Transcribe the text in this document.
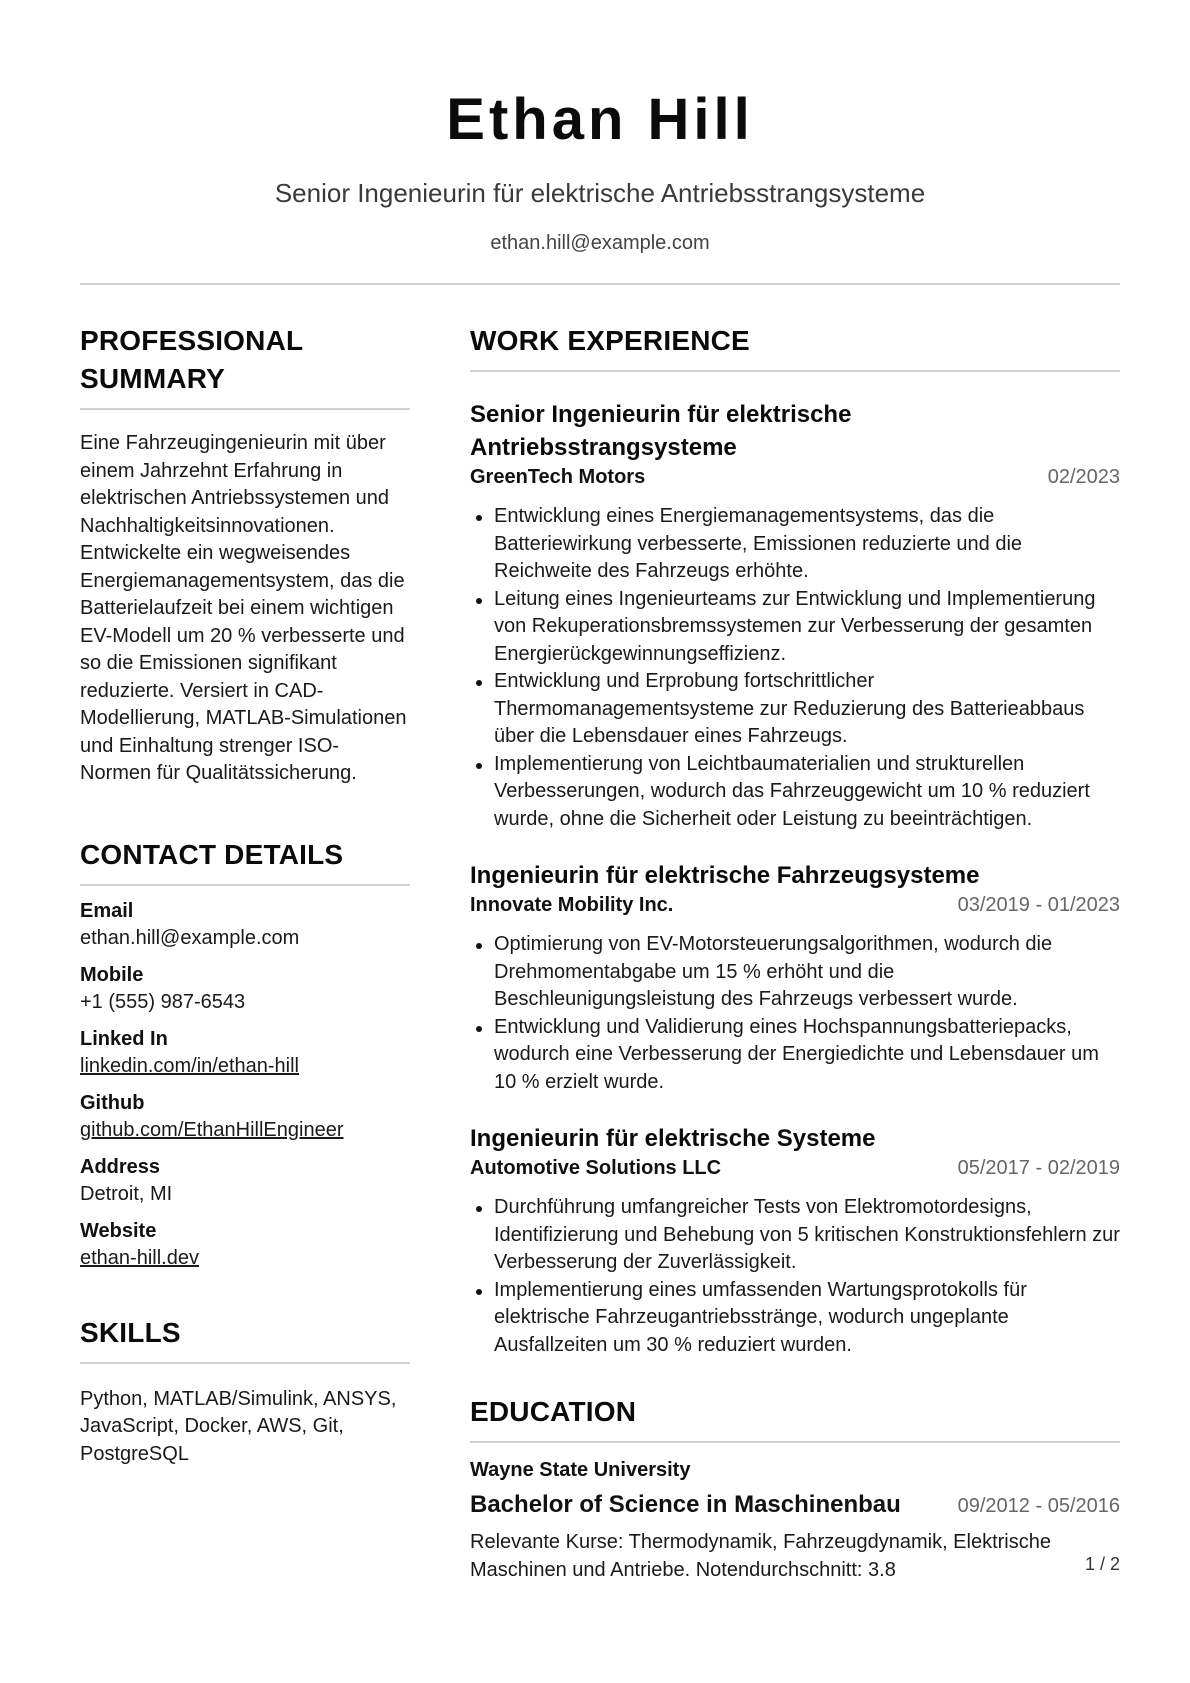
Ethan Hill
Senior Ingenieurin für elektrische Antriebsstrangsysteme
ethan.hill@example.com
PROFESSIONAL
SUMMARY
Eine Fahrzeugingenieurin mit über einem Jahrzehnt Erfahrung in elektrischen Antriebssystemen und Nachhaltigkeitsinnovationen. Entwickelte ein wegweisendes Energiemanagementsystem, das die Batterielaufzeit bei einem wichtigen EV-Modell um 20 % verbesserte und so die Emissionen signifikant reduzierte. Versiert in CAD-Modellierung, MATLAB-Simulationen und Einhaltung strenger ISO-Normen für Qualitätssicherung.
CONTACT DETAILS
Email
ethan.hill@example.com
Mobile
+1 (555) 987-6543
Linked In
linkedin.com/in/ethan-hill
Github
github.com/EthanHillEngineer
Address
Detroit, MI
Website
ethan-hill.dev
SKILLS
Python, MATLAB/Simulink, ANSYS, JavaScript, Docker, AWS, Git, PostgreSQL
WORK EXPERIENCE
Senior Ingenieurin für elektrische Antriebsstrangsysteme
GreenTech Motors	02/2023
Entwicklung eines Energiemanagementsystems, das die Batteriewirkung verbesserte, Emissionen reduzierte und die Reichweite des Fahrzeugs erhöhte.
Leitung eines Ingenieurteams zur Entwicklung und Implementierung von Rekuperationsbremssystemen zur Verbesserung der gesamten Energierückgewinnungseffizienz.
Entwicklung und Erprobung fortschrittlicher Thermomanagementsysteme zur Reduzierung des Batterieabbaus über die Lebensdauer eines Fahrzeugs.
Implementierung von Leichtbaumaterialien und strukturellen Verbesserungen, wodurch das Fahrzeuggewicht um 10 % reduziert wurde, ohne die Sicherheit oder Leistung zu beeinträchtigen.
Ingenieurin für elektrische Fahrzeugsysteme
Innovate Mobility Inc.	03/2019 - 01/2023
Optimierung von EV-Motorsteuerungsalgorithmen, wodurch die Drehmomentabgabe um 15 % erhöht und die Beschleunigungsleistung des Fahrzeugs verbessert wurde.
Entwicklung und Validierung eines Hochspannungsbatteriepacks, wodurch eine Verbesserung der Energiedichte und Lebensdauer um 10 % erzielt wurde.
Ingenieurin für elektrische Systeme
Automotive Solutions LLC	05/2017 - 02/2019
Durchführung umfangreicher Tests von Elektromotordesigns, Identifizierung und Behebung von 5 kritischen Konstruktionsfehlern zur Verbesserung der Zuverlässigkeit.
Implementierung eines umfassenden Wartungsprotokolls für elektrische Fahrzeugantriebsstränge, wodurch ungeplante Ausfallzeiten um 30 % reduziert wurden.
EDUCATION
Wayne State University
Bachelor of Science in Maschinenbau	09/2012 - 05/2016
Relevante Kurse: Thermodynamik, Fahrzeugdynamik, Elektrische Maschinen und Antriebe. Notendurchschnitt: 3.8	1 / 2
